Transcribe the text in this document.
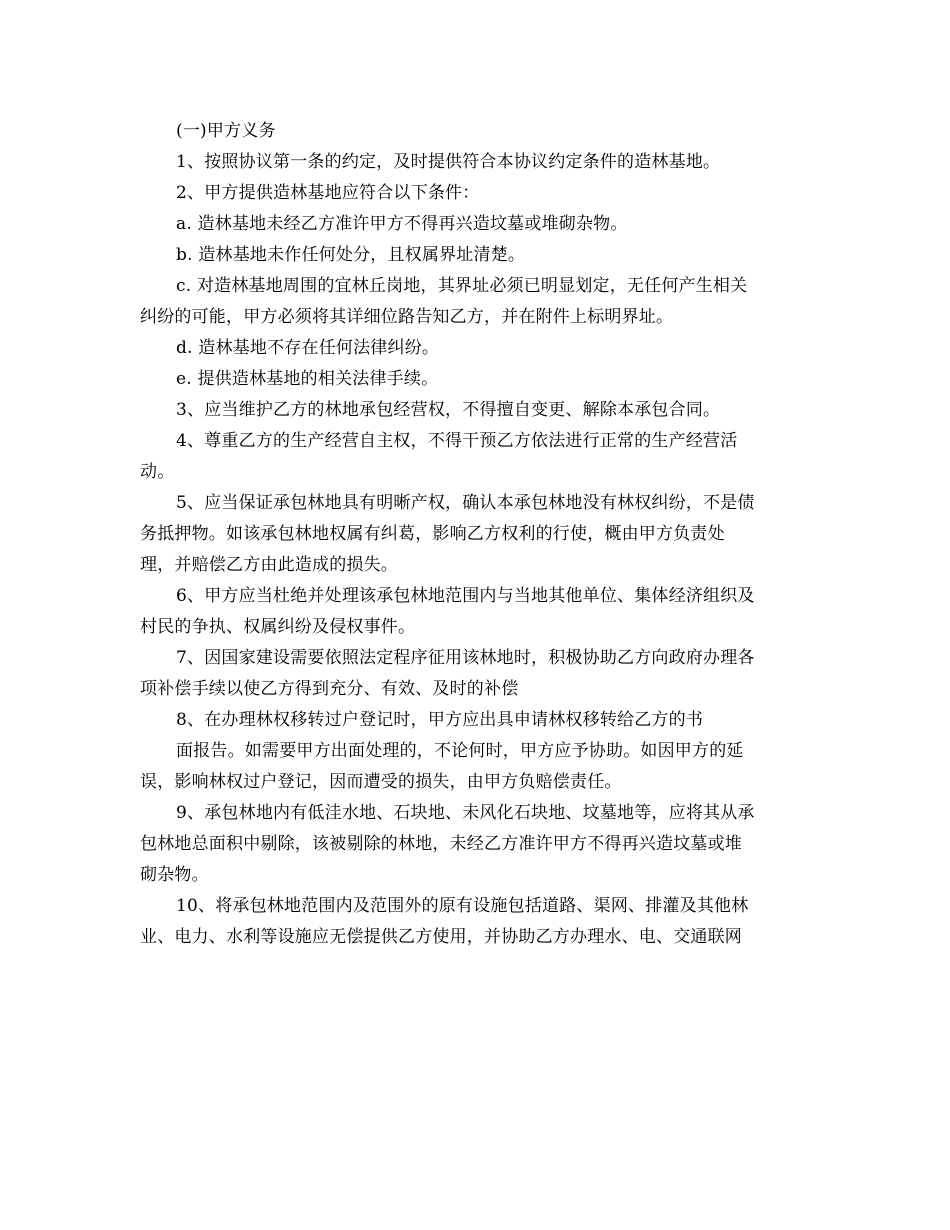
(一)甲方义务
1、按照协议第一条的约定，及时提供符合本协议约定条件的造林基地。
2、甲方提供造林基地应符合以下条件：
a. 造林基地未经乙方准许甲方不得再兴造坟墓或堆砌杂物。
b. 造林基地未作任何处分，且权属界址清楚。
c. 对造林基地周围的宜林丘岗地，其界址必须已明显划定，无任何产生相关
纠纷的可能，甲方必须将其详细位路告知乙方，并在附件上标明界址。
d. 造林基地不存在任何法律纠纷。
e. 提供造林基地的相关法律手续。
3、应当维护乙方的林地承包经营权，不得擅自变更、解除本承包合同。
4、尊重乙方的生产经营自主权，不得干预乙方依法进行正常的生产经营活
动。
5、应当保证承包林地具有明晰产权，确认本承包林地没有林权纠纷，不是债
务抵押物。如该承包林地权属有纠葛，影响乙方权利的行使，概由甲方负责处
理，并赔偿乙方由此造成的损失。
6、甲方应当杜绝并处理该承包林地范围内与当地其他单位、集体经济组织及
村民的争执、权属纠纷及侵权事件。
7、因国家建设需要依照法定程序征用该林地时，积极协助乙方向政府办理各
项补偿手续以使乙方得到充分、有效、及时的补偿
8、在办理林权移转过户登记时，甲方应出具申请林权移转给乙方的书
面报告。如需要甲方出面处理的，不论何时，甲方应予协助。如因甲方的延
误，影响林权过户登记，因而遭受的损失，由甲方负赔偿责任。
9、承包林地内有低洼水地、石块地、未风化石块地、坟墓地等，应将其从承
包林地总面积中剔除，该被剔除的林地，未经乙方准许甲方不得再兴造坟墓或堆
砌杂物。
10、将承包林地范围内及范围外的原有设施包括道路、渠网、排灌及其他林
业、电力、水利等设施应无偿提供乙方使用，并协助乙方办理水、电、交通联网
